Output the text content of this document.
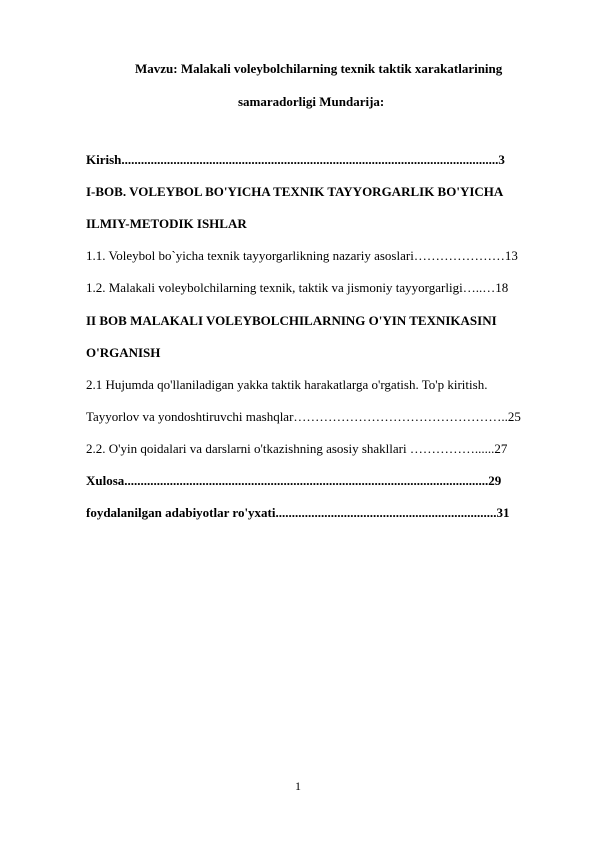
Mavzu: Malakali voleybolchilarning texnik taktik xarakatlarining
samaradorligi Mundarija:
Kirish....................................................................................................................3
I-BOB. VOLEYBOL BO'YICHA TEXNIK TAYYORGARLIK BO'YICHA
ILMIY-METODIK ISHLAR
1.1. Voleybol bo`yicha texnik tayyorgarlikning nazariy asoslari…………………13
1.2. Malakali voleybolchilarning texnik, taktik va jismoniy tayyorgarligi…..…18
II BOB MALAKALI VOLEYBOLCHILARNING O'YIN TEXNIKASINI
O'RGANISH
2.1 Hujumda qo'llaniladigan yakka taktik harakatlarga o'rgatish. To'p kiritish.
Tayyorlov va yondoshtiruvchi mashqlar…………………………………………..25
2.2. O'yin qoidalari va darslarni o'tkazishning asosiy shakllari ……………......27
Xulosa................................................................................................................29
foydalanilgan adabiyotlar ro'yxati....................................................................31
1
